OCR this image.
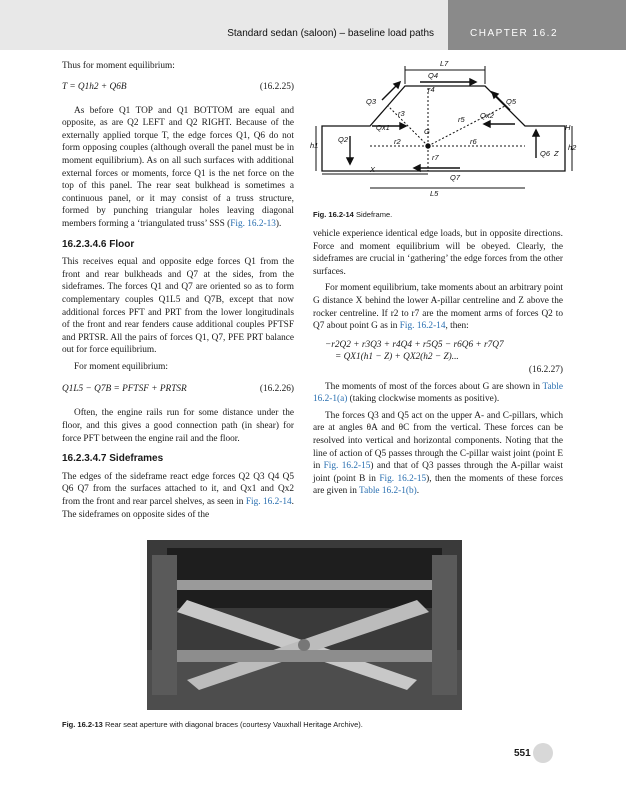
Standard sedan (saloon) – baseline load paths	CHAPTER 16.2

Thus for moment equilibrium:

T = Q1h2 + Q6B	(16.2.25)

As before Q1 TOP and Q1 BOTTOM are equal and opposite, as are Q2 LEFT and Q2 RIGHT. Because of the externally applied torque T, the edge forces Q1, Q6 do not form opposing couples (although overall the panel must be in moment equilibrium). As on all such surfaces with additional external forces or moments, force Q1 is the net force on the top of this panel. The rear seat bulkhead is sometimes a continuous panel, or it may consist of a truss structure, formed by punching triangular holes leaving diagonal members forming a ‘triangulated truss’ SSS (Fig. 16.2-13).

16.2.3.4.6 Floor

This receives equal and opposite edge forces Q1 from the front and rear bulkheads and Q7 at the sides, from the sideframes. The forces Q1 and Q7 are oriented so as to form complementary couples Q1L5 and Q7B, except that now additional forces PFT and PRT from the lower longitudinals of the front and rear fenders cause additional couples PFTSF and PRTSR. All the pairs of forces Q1, Q7, PFE PRT balance out for force equilibrium.

For moment equilibrium:

Q1L5 − Q7B = PFTSF + PRTSR	(16.2.26)

Often, the engine rails run for some distance under the floor, and this gives a good connection path (in shear) for force PFT between the engine rail and the floor.

16.2.3.4.7 Sideframes

The edges of the sideframe react edge forces Q2 Q3 Q4 Q5 Q6 Q7 from the surfaces attached to it, and Qx1 and Qx2 from the front and rear parcel shelves, as seen in Fig. 16.2-14. The sideframes on opposite sides of the

L7
Q4
Q3	Q5
r3
r4
r5
Qx1
Qx2
G	H
h1	h2
Q2	r2	r6
r7	Q6 Z
X
Q7
L5
Fig. 16.2-14 Sideframe.

vehicle experience identical edge loads, but in opposite directions. Force and moment equilibrium will be obeyed. Clearly, the sideframes are crucial in ‘gathering’ the edge forces from the other surfaces.

For moment equilibrium, take moments about an arbitrary point G distance X behind the lower A-pillar centreline and Z above the rocker centreline. If r2 to r7 are the moment arms of forces Q2 to Q7 about point G as in Fig. 16.2-14, then:

−r2Q2 + r3Q3 + r4Q4 + r5Q5 − r6Q6 + r7Q7
= QX1(h1 − Z) + QX2(h2 − Z)...
(16.2.27)

The moments of most of the forces about G are shown in Table 16.2-1(a) (taking clockwise moments as positive).

The forces Q3 and Q5 act on the upper A- and C-pillars, which are at angles θA and θC from the vertical. These forces can be resolved into vertical and horizontal components. Noting that the line of action of Q5 passes through the C-pillar waist joint (point E in Fig. 16.2-15) and that of Q3 passes through the A-pillar waist joint (point B in Fig. 16.2-15), then the moments of these forces are given in Table 16.2-1(b).

Fig. 16.2-13 Rear seat aperture with diagonal braces (courtesy Vauxhall Heritage Archive).
551
